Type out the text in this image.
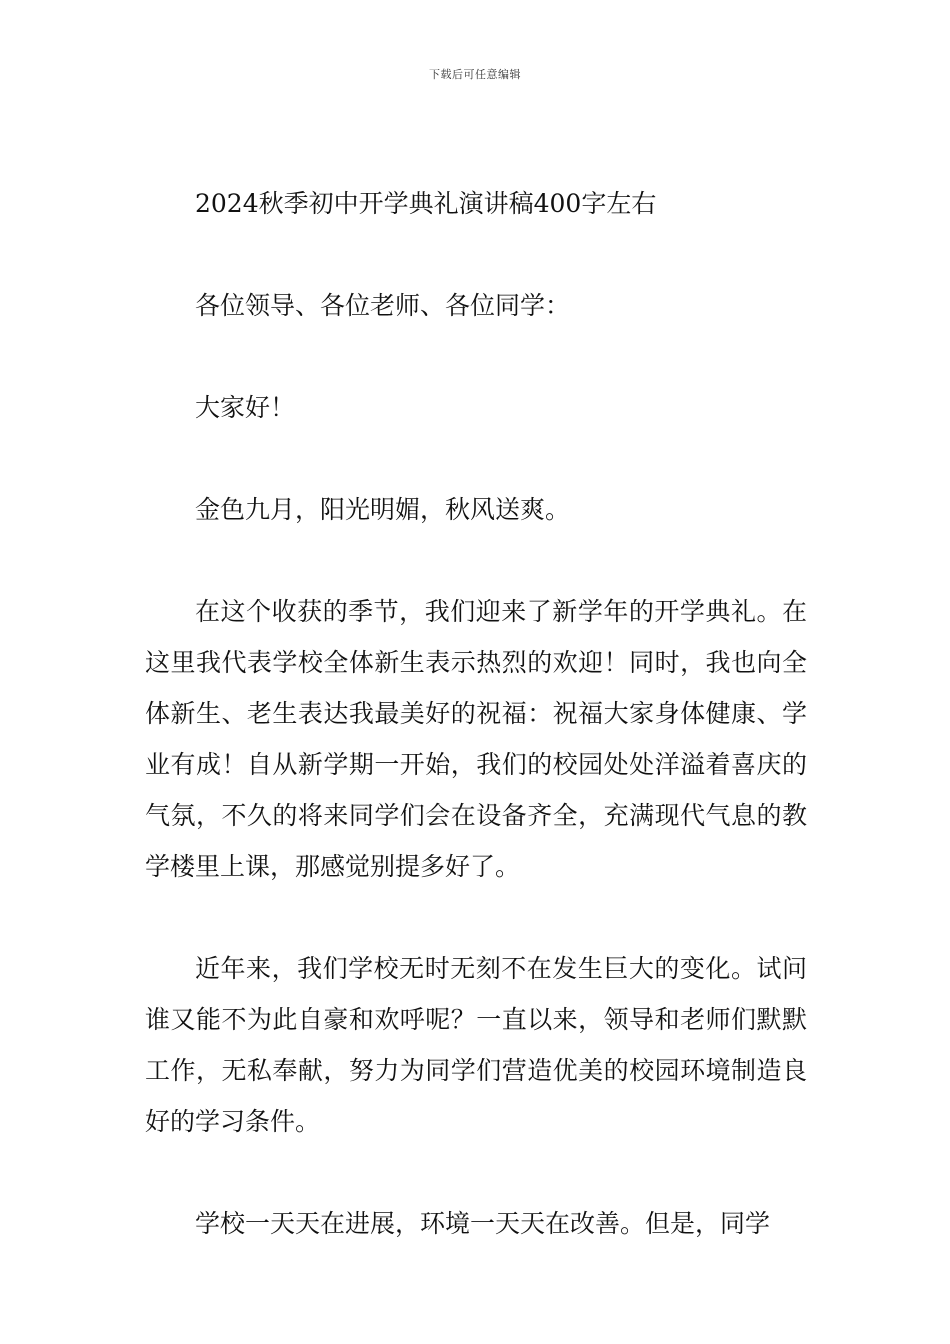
下载后可任意编辑

2024秋季初中开学典礼演讲稿400字左右

各位领导、各位老师、各位同学：

大家好！

金色九月，阳光明媚，秋风送爽。

在这个收获的季节，我们迎来了新学年的开学典礼。在这里我代表学校全体新生表示热烈的欢迎！同时，我也向全体新生、老生表达我最美好的祝福：祝福大家身体健康、学业有成！自从新学期一开始，我们的校园处处洋溢着喜庆的气氛，不久的将来同学们会在设备齐全，充满现代气息的教学楼里上课，那感觉别提多好了。

近年来，我们学校无时无刻不在发生巨大的变化。试问谁又能不为此自豪和欢呼呢？一直以来，领导和老师们默默工作，无私奉献，努力为同学们营造优美的校园环境制造良好的学习条件。

学校一天天在进展，环境一天天在改善。但是，同学
